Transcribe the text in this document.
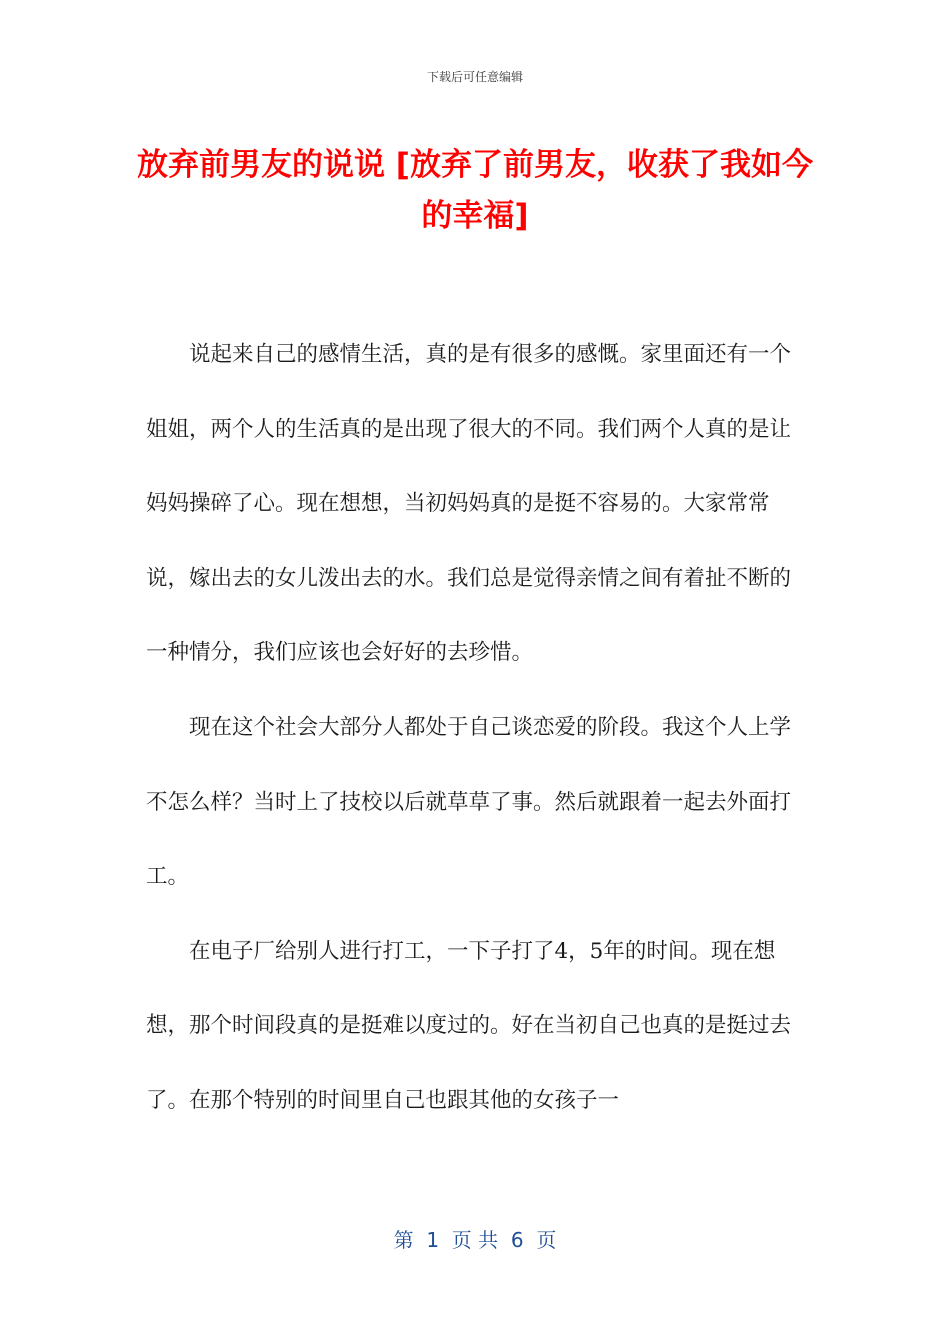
下载后可任意编辑
放弃前男友的说说 [放弃了前男友，收获了我如今的幸福]

说起来自己的感情生活，真的是有很多的感慨。家里面还有一个姐姐，两个人的生活真的是出现了很大的不同。我们两个人真的是让妈妈操碎了心。现在想想，当初妈妈真的是挺不容易的。大家常常说，嫁出去的女儿泼出去的水。我们总是觉得亲情之间有着扯不断的一种情分，我们应该也会好好的去珍惜。

现在这个社会大部分人都处于自己谈恋爱的阶段。我这个人上学不怎么样？当时上了技校以后就草草了事。然后就跟着一起去外面打工。

在电子厂给别人进行打工，一下子打了4，5年的时间。现在想想，那个时间段真的是挺难以度过的。好在当初自己也真的是挺过去了。在那个特别的时间里自己也跟其他的女孩子一

第  1  页 共  6  页
